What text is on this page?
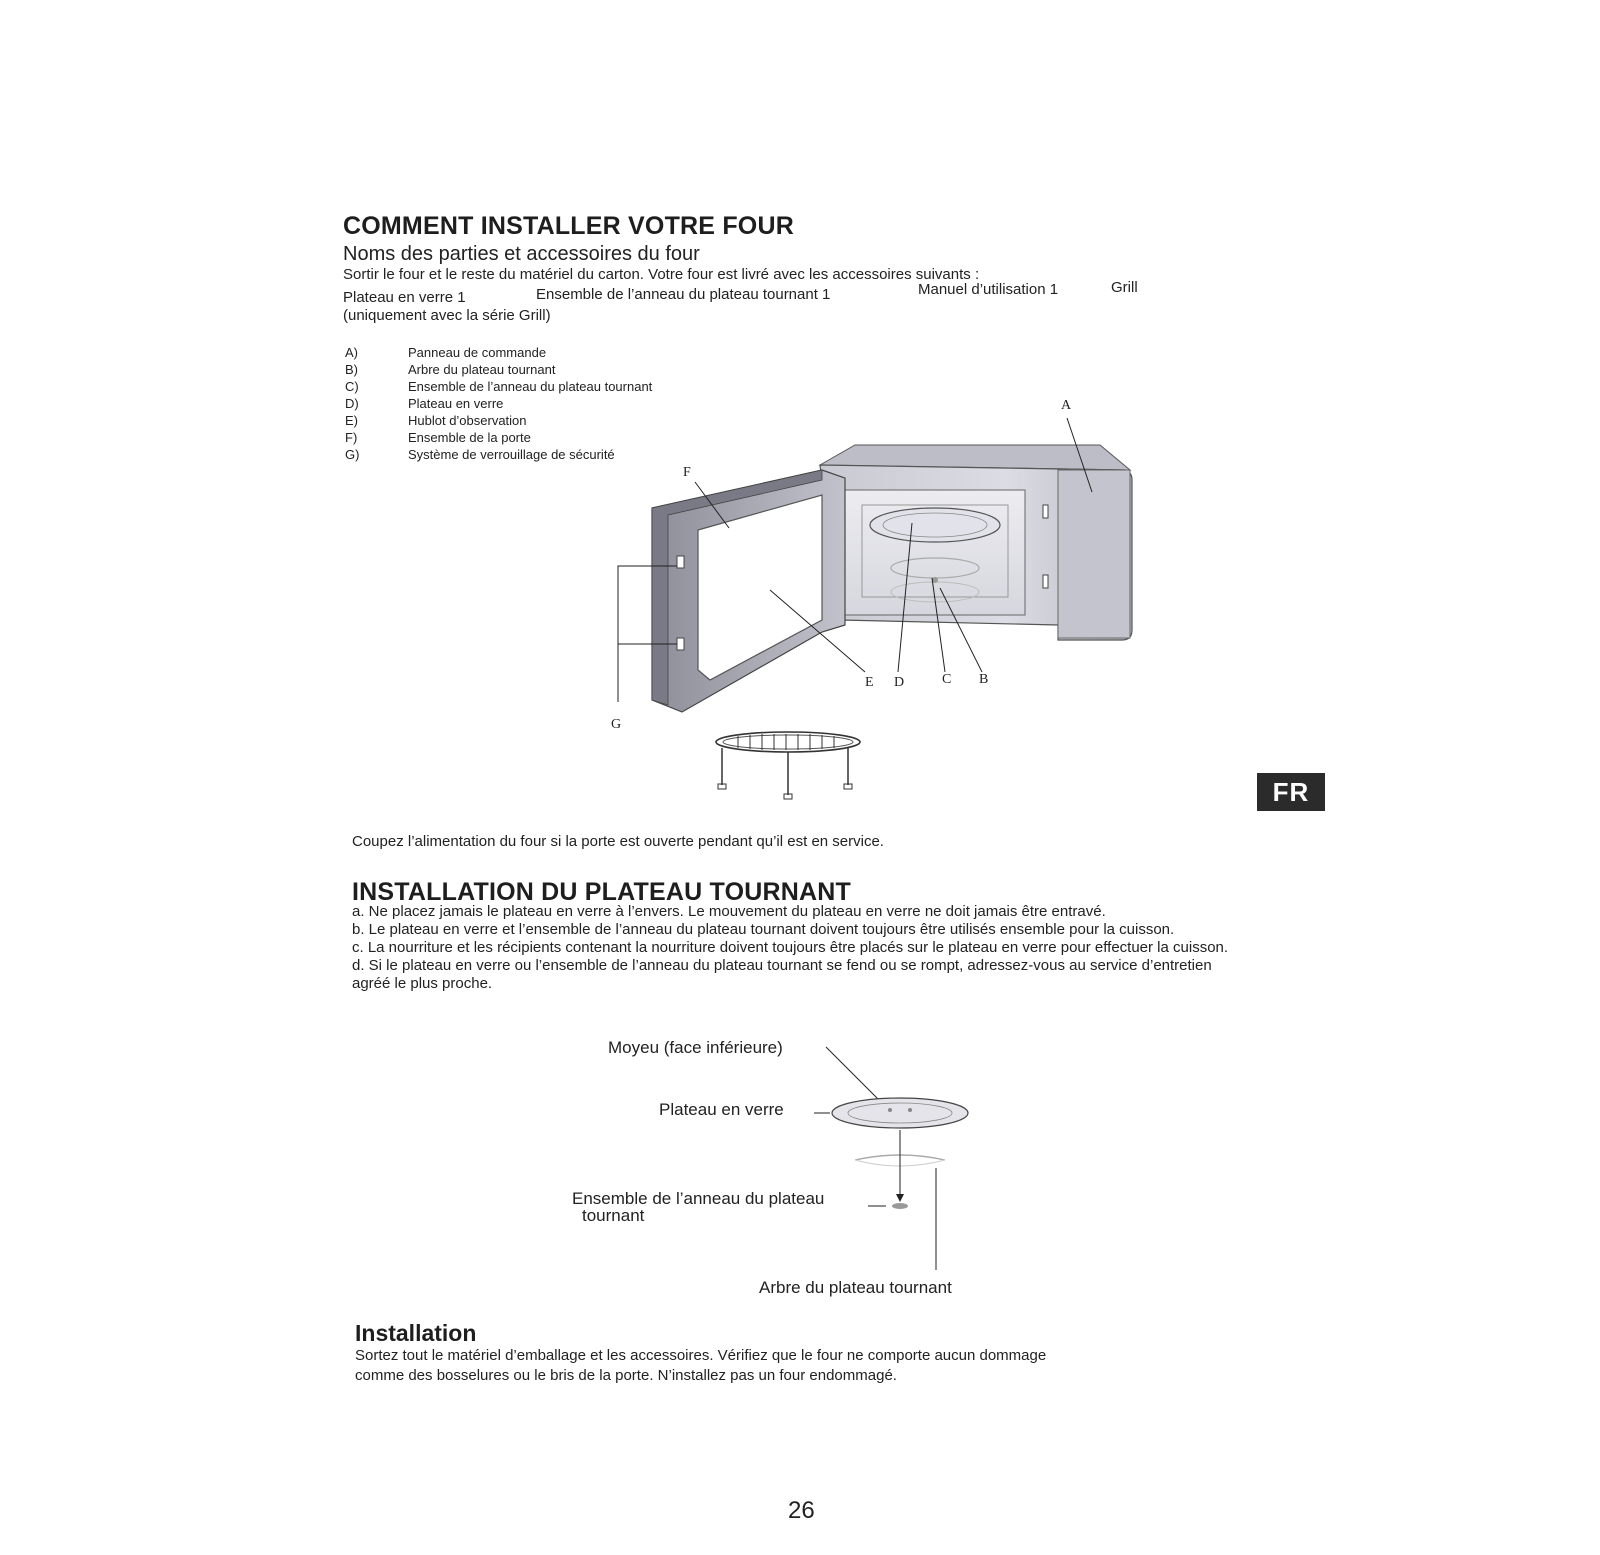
COMMENT INSTALLER VOTRE FOUR
Noms des parties et accessoires du four
Sortir le four et le reste du matériel du carton. Votre four est livré avec les accessoires suivants :
Plateau en verre 1	Ensemble de l’anneau du plateau tournant 1	Manuel d’utilisation 1	Grill
(uniquement avec la série Grill)
A)	Panneau de commande
B)	Arbre du plateau tournant
C)	Ensemble de l’anneau du plateau tournant
D)	Plateau en verre
E)	Hublot d’observation
F)	Ensemble de la porte
G)	Système de verrouillage de sécurité
A
F
E D	C B
G
FR
Coupez l’alimentation du four si la porte est ouverte pendant qu’il est en service.
INSTALLATION DU PLATEAU TOURNANT

a. Ne placez jamais le plateau en verre à l’envers. Le mouvement du plateau en verre ne doit jamais être entravé.

b. Le plateau en verre et l’ensemble de l’anneau du plateau tournant doivent toujours être utilisés ensemble pour la cuisson.

c. La nourriture et les récipients contenant la nourriture doivent toujours être placés sur le plateau en verre pour effectuer la cuisson.

d. Si le plateau en verre ou l’ensemble de l’anneau du plateau tournant se fend ou se rompt, adressez-vous au service d’entretien agréé le plus proche.

Moyeu (face inférieure)
Plateau en verre
Ensemble de l’anneau du plateau
tournant
Arbre du plateau tournant
Installation
Sortez tout le matériel d’emballage et les accessoires. Vérifiez que le four ne comporte aucun dommage
comme des bosselures ou le bris de la porte. N’installez pas un four endommagé.
26
